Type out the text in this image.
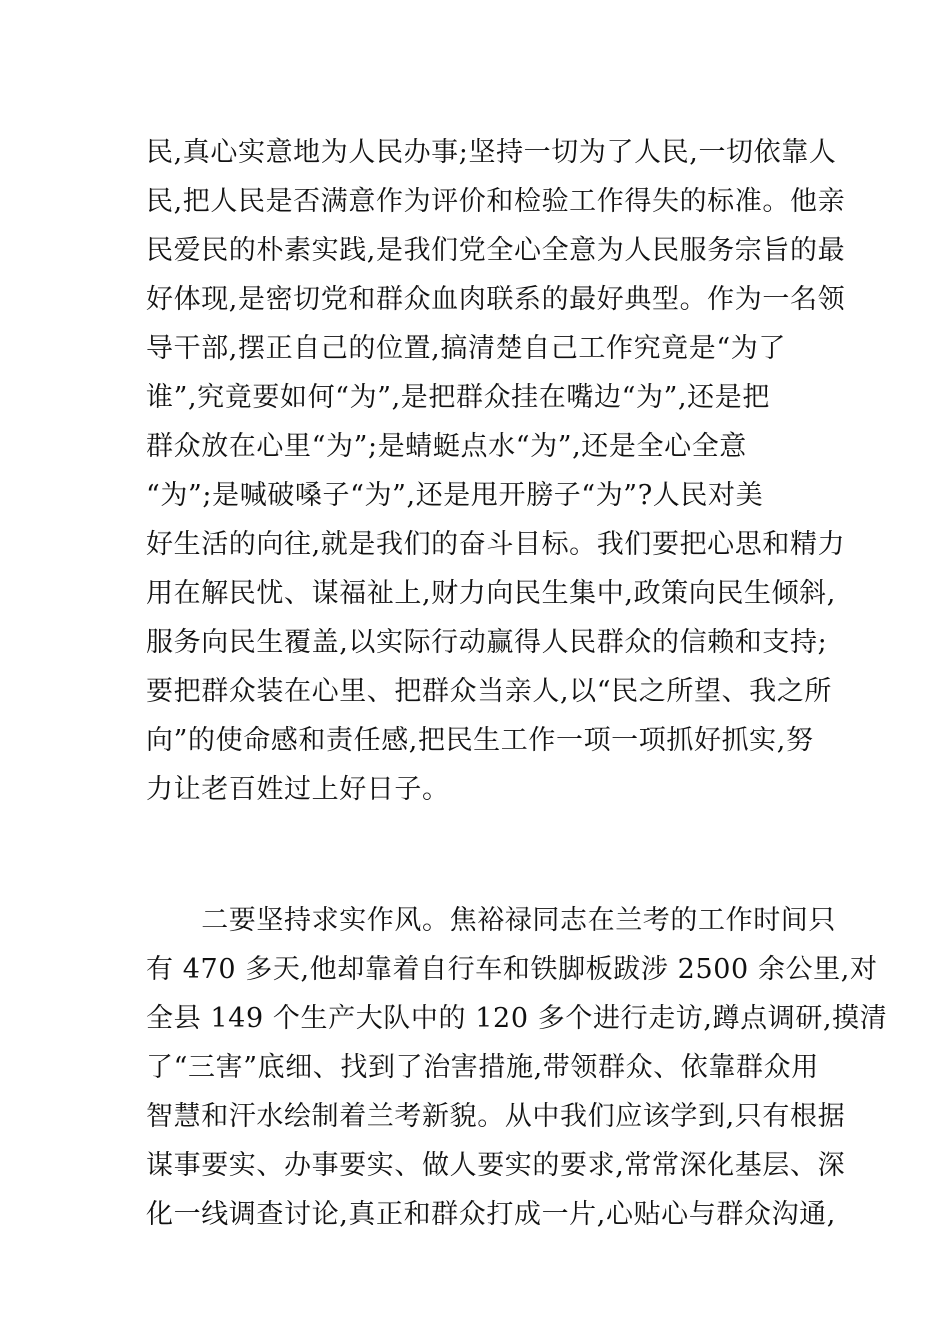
民,真心实意地为人民办事;坚持一切为了人民,一切依靠人
民,把人民是否满意作为评价和检验工作得失的标准。他亲
民爱民的朴素实践,是我们党全心全意为人民服务宗旨的最
好体现,是密切党和群众血肉联系的最好典型。作为一名领
导干部,摆正自己的位置,搞清楚自己工作究竟是“为了
谁”,究竟要如何“为”,是把群众挂在嘴边“为”,还是把
群众放在心里“为”;是蜻蜓点水“为”,还是全心全意
“为”;是喊破嗓子“为”,还是甩开膀子“为”?人民对美
好生活的向往,就是我们的奋斗目标。我们要把心思和精力
用在解民忧、谋福祉上,财力向民生集中,政策向民生倾斜,
服务向民生覆盖,以实际行动赢得人民群众的信赖和支持;
要把群众装在心里、把群众当亲人,以“民之所望、我之所
向”的使命感和责任感,把民生工作一项一项抓好抓实,努
力让老百姓过上好日子。
　　二要坚持求实作风。焦裕禄同志在兰考的工作时间只
有 470 多天,他却靠着自行车和铁脚板跋涉 2500 余公里,对
全县 149 个生产大队中的 120 多个进行走访,蹲点调研,摸清
了“三害”底细、找到了治害措施,带领群众、依靠群众用
智慧和汗水绘制着兰考新貌。从中我们应该学到,只有根据
谋事要实、办事要实、做人要实的要求,常常深化基层、深
化一线调查讨论,真正和群众打成一片,心贴心与群众沟通,
